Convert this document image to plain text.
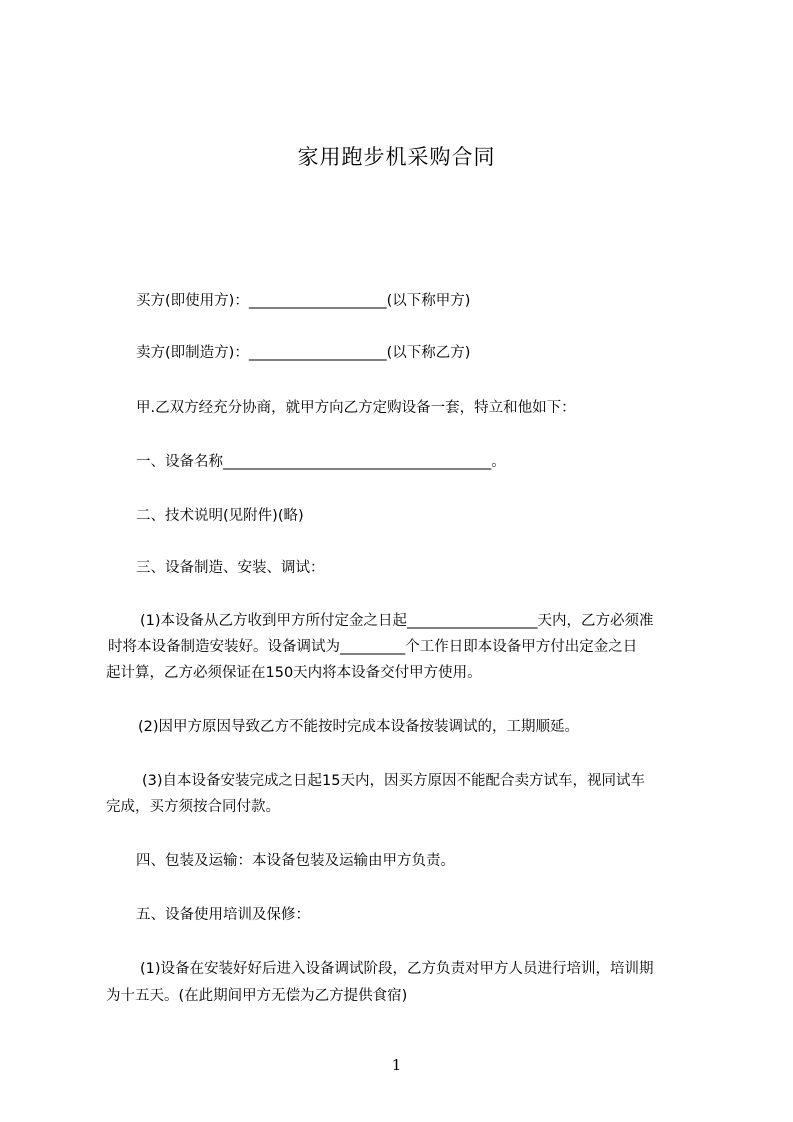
家用跑步机采购合同
买方(即使用方)：___________________(以下称甲方)
卖方(即制造方)：___________________(以下称乙方)
甲.乙双方经充分协商，就甲方向乙方定购设备一套，特立和他如下：
一、设备名称_____________________________________。
二、技术说明(见附件)(略)
三、设备制造、安装、调试：
(1)本设备从乙方收到甲方所付定金之日起__________________天内，乙方必须准
时将本设备制造安装好。设备调试为_________个工作日即本设备甲方付出定金之日
起计算，乙方必须保证在150天内将本设备交付甲方使用。
(2)因甲方原因导致乙方不能按时完成本设备按装调试的，工期顺延。
(3)自本设备安装完成之日起15天内，因买方原因不能配合卖方试车，视同试车
完成，买方须按合同付款。
四、包装及运输：本设备包装及运输由甲方负责。
五、设备使用培训及保修：
(1)设备在安装好好后进入设备调试阶段，乙方负责对甲方人员进行培训，培训期
为十五天。(在此期间甲方无偿为乙方提供食宿)
1
